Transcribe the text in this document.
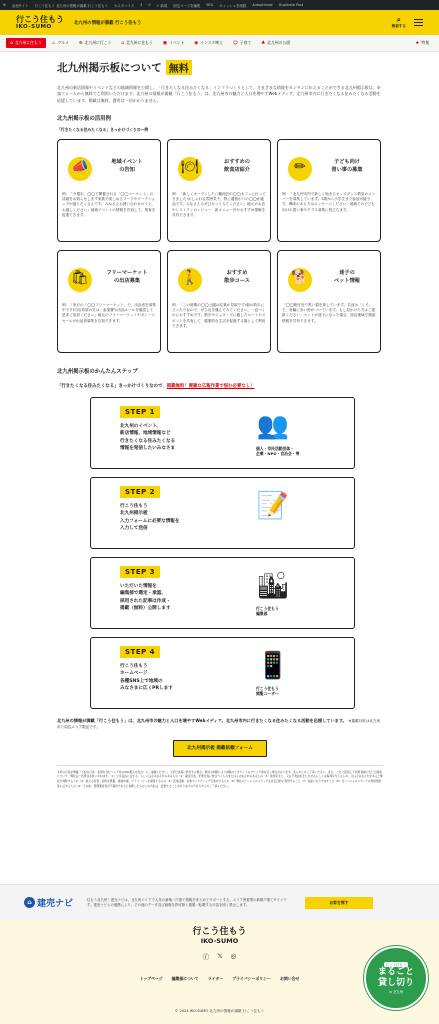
⊕ 参加サイト 行こう住もう 北九州の情報が満載 行こう住もう カスタマイズ 3 0 + 新規 固定ページを編集 SEO キャッシュを削除 Autoptimize Duplicate Post
行こう住もう
IKO-SUMO
北九州の情報が満載 行こう住もう	⌕
検索する
⌂ 北九州に住もう ♨ グルメ ⊕ 北九州に行こう ⌂ 北九州に住もう ▣ イベント ◉ インスタ映え ☺ 子育て ♣ 北九州の公園	★ 特集
北九州掲示板について 無料

北九州の新店情報やイベントなどの地域情報を公開し、「行きたくなる住みたくなる」インフラづくりとして、さまざまな情報をカンタンに伝えることができる北九州掲示板は、申請フォームから無料でご利用いただけます。北九州の情報が満載「行こう住もう」は、北九州市の魅力と人口を増やすWebメディア。北九州市内に行きたくなる住みたくなる活動を応援しています。掲載は無料。費用は一切かかりません。

北九州掲示板の活用例
「行きたくなる住みたくなる」きっかけづくりの一例
📣	地域イベント
の告知

例：「今週末、◯◯で開催される「◯◯マーケット」の詳細をお知らせします家族で楽しめるフードやワークショップが盛りだくさんです。みなさんお誘い合わせのうえ、お越しください」地域イベントの情報を告知して、集客を促進できます。

🍽	おすすめの
飲食店紹介

例：「新しくオープンした八幡西区の◯◯カフェに行ってきました!おしゃれな雰囲気で、特に週替わりの◯◯が絶品です。みなさんもぜひ行ってみてください」地元のお店やレストランのレビュー、新メニュー円やおすすめ情報を共有できます。

✏	子ども向け
習い事の募集

例：「北九州市内で新しく始まるキッズダンス教室のメンバーを募集しています。3歳から小学生まで参加可能です。興味のある方はメッセージください」地域での子ども向けの習い事やクラス募集に役立ちます。

🛍	フリーマーケット
の出店募集

例：「来月の「◯◯フリーマーケット」で、出品者を募集中です!出店希望の方は、参加費や出品ルールを確認して是非ご参加ください」地元のフリーマーケットやガレージセールの出品者募集を告知できます。

🚶	おすすめ
散歩コース

例：「この時期の◯◯公園は紅葉が見頃です!朝の散歩にぴったりなので、ぜひ足を運んでみてください。一息つくのにおすすめです」散歩やジョギングに適したルートやスポットを共有して、健康的な生活を促進する場として利用できます。

🐕	迷子の
ペット情報

「◯◯駅付近で黒い猫を探しています。名前は「くろ」で、首輪に赤い鈴がついています。もし見かけた方はご連絡ください」ペットが迷子になった場合、周辺地域で捜索情報を共有できます。

北九州掲示板のかんたんステップ
「行きたくなる住みたくなる」きっかけづくりなので、掲載無料！複雑な広報作業で悩む必要なし！
STEP 1
北九州のイベント、
新店情報、地域情報など
行きたくなる住みたくなる
情報を発信したいみなさま
👥
個人・市民活動団体・
企業・NPO・自治会・等
STEP 2
行こう住もう
北九州掲示板
入力フォームに必要な情報を
入力して送信
📝
STEP 3
いただいた情報を
編集部で選定・承認、
採用された記事は作成・
掲載（無料）公開します
🏙
行こう住もう
編集部
STEP 4
行こう住もう
ホームページ
各種SNS上で地域の
みなさまに広くPRします
📱
行こう住もう
閲覧ユーザー

北九州の情報が満載「行こう住もう」は、北九州市の魅力と人口を増やすWebメディア。北九州市内に行きたくなる住みたくなる活動を応援しています。 ※掲載対象は北九州市と周辺エリア限定です。

北九州掲示板 掲載依頼フォーム

下記の行為が明確（下記の行為・表現を含むリンク先のURL掲示を含む）にご遠慮ください。下記行為等に該当する場合、弊社の判断により削除やアカウントのブロック等を行う場合があります。あらかじめご了承ください。また、これに起因して利用者様に生じた損害について、弊社は一切責任を負いかねます。（1）公序良俗に反する、もしくはそのおそれのあるもの（2）違法行為、犯罪行為に結びつくものまたはそのおそれのあるもの（3）差別を生じ、又は不利益を生じさせるもしくは侮辱を与えるもの、又はそのおそれがあると弊社が判断するもの（4）他人の名誉、信用を毀損、誹謗中傷、プライバシーを侵害するもの（5）営業活動・企業マーケティング行為をするもの（6）弊社のソーシャルメディアを宣伝目的に利用すること（7）性能になりすますこと（8）当ソーシャルメディアの利用規約等に反するもの（9）その他、管理運営者が不適切であると判断したものこの方針は、変更することがありますのであらかじめご了承ください。

⌂ 建売ナビ	住もう北九州！建売ナビは、北九州エリアで人気の新築一戸建て情報をまとめてサポートする、エリア密着型の新築戸建てサイトです。建売ナビとの連携により、その他のデータ及び画像を許可無く複製・転載する行為を固く禁止します。	お家を探す
行こう住もう
IKO-SUMO
ⓕ 𝕏 ◎
トップページ 編集部について ライター プライバシーポリシー お問い合せ
© 2024 IKO-SUMO 北九州の情報が満載 行こう住もう
行こう住もう
まるごと
貸し切り
in 北九州
